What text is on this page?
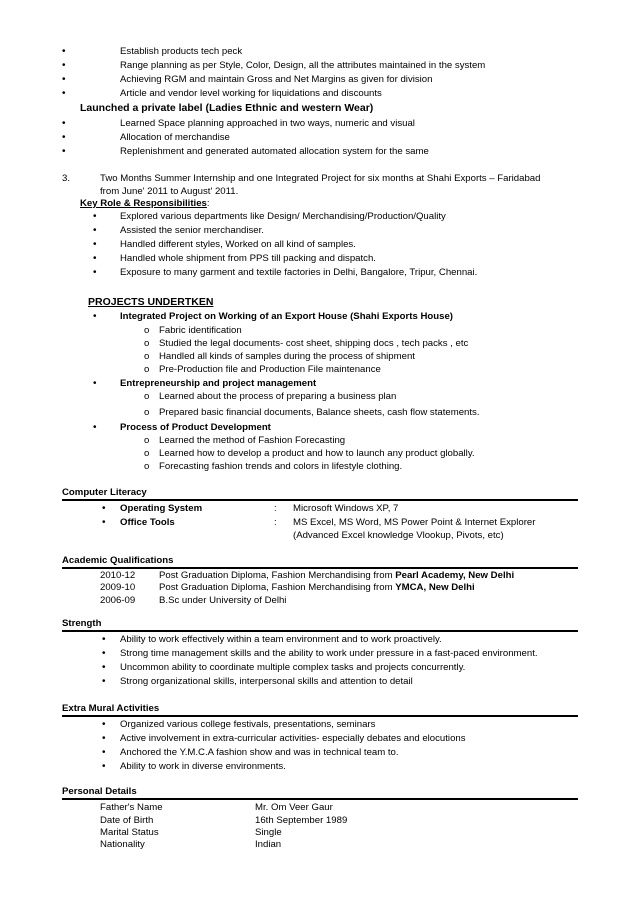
•	Establish products tech peck
•	Range planning as per Style, Color, Design, all the attributes maintained in the system
•	Achieving RGM and maintain Gross and Net Margins as given for division
•	Article and vendor level working for liquidations and discounts
Launched a private label (Ladies Ethnic and western Wear)
•	Learned Space planning approached in two ways, numeric and visual
•	Allocation of merchandise
•	Replenishment and generated automated allocation system for the same
3.	Two Months Summer Internship and one Integrated Project for six months at Shahi Exports – Faridabad
from June' 2011 to August' 2011.
Key Role & Responsibilities:
• Explored various departments like Design/ Merchandising/Production/Quality
• Assisted the senior merchandiser.
• Handled different styles, Worked on all kind of samples.
• Handled whole shipment from PPS till packing and dispatch.
• Exposure to many garment and textile factories in Delhi, Bangalore, Tripur, Chennai.
PROJECTS UNDERTKEN
• Integrated Project on Working of an Export House (Shahi Exports House)
o Fabric identification
o Studied the legal documents- cost sheet, shipping docs , tech packs , etc
o Handled all kinds of samples during the process of shipment
o Pre-Production file and Production File maintenance
• Entrepreneurship and project management
o Learned about the process of preparing a business plan
o Prepared basic financial documents, Balance sheets, cash flow statements.
• Process of Product Development
o Learned the method of Fashion Forecasting
o Learned how to develop a product and how to launch any product globally.
o Forecasting fashion trends and colors in lifestyle clothing.
Computer Literacy
• Operating System	: Microsoft Windows XP, 7
• Office Tools	: MS Excel, MS Word, MS Power Point & Internet Explorer
(Advanced Excel knowledge Vlookup, Pivots, etc)
Academic Qualifications
2010-12 Post Graduation Diploma, Fashion Merchandising from Pearl Academy, New Delhi
2009-10 Post Graduation Diploma, Fashion Merchandising from YMCA, New Delhi
2006-09 B.Sc under University of Delhi
Strength
• Ability to work effectively within a team environment and to work proactively.
• Strong time management skills and the ability to work under pressure in a fast-paced environment.
• Uncommon ability to coordinate multiple complex tasks and projects concurrently.
• Strong organizational skills, interpersonal skills and attention to detail
Extra Mural Activities
• Organized various college festivals, presentations, seminars
• Active involvement in extra-curricular activities- especially debates and elocutions
• Anchored the Y.M.C.A fashion show and was in technical team to.
• Ability to work in diverse environments.
Personal Details
Father's Name	Mr. Om Veer Gaur
Date of Birth	16th September 1989
Marital Status	Single
Nationality	Indian
